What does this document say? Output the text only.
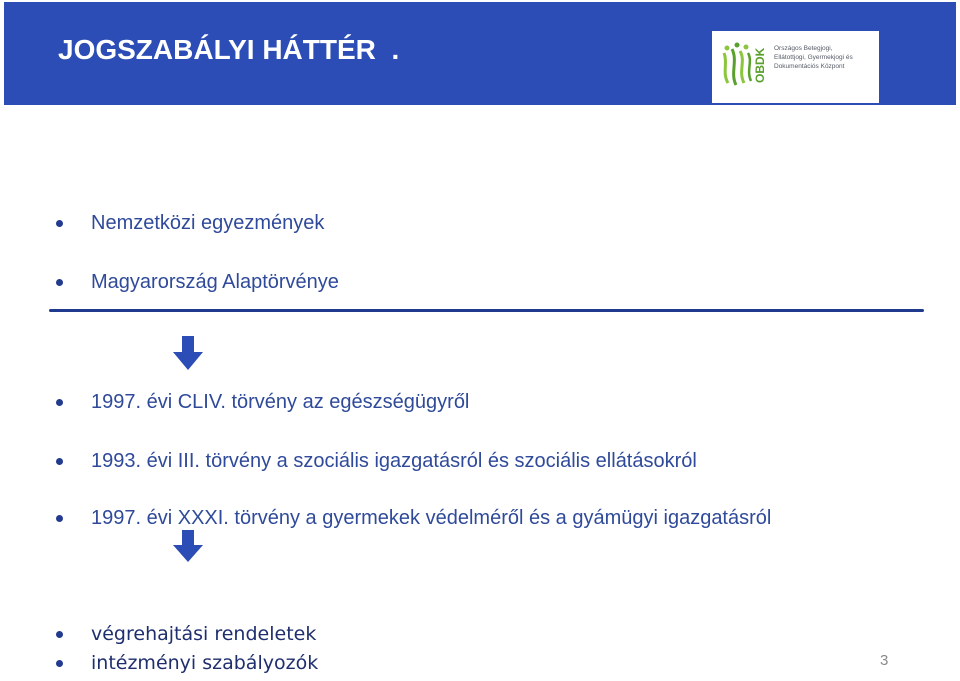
JOGSZABÁLYI HÁTTÉR  .	OBDK Országos Betegjogi,
Ellátottjogi, Gyermekjogi és
Dokumentációs Központ
Nemzetközi egyezmények
Magyarország Alaptörvénye
1997. évi CLIV. törvény az egészségügyről
1993. évi III. törvény a szociális igazgatásról és szociális ellátásokról
1997. évi XXXI. törvény a gyermekek védelméről és a gyámügyi igazgatásról
végrehajtási rendeletek
intézményi szabályozók	3
